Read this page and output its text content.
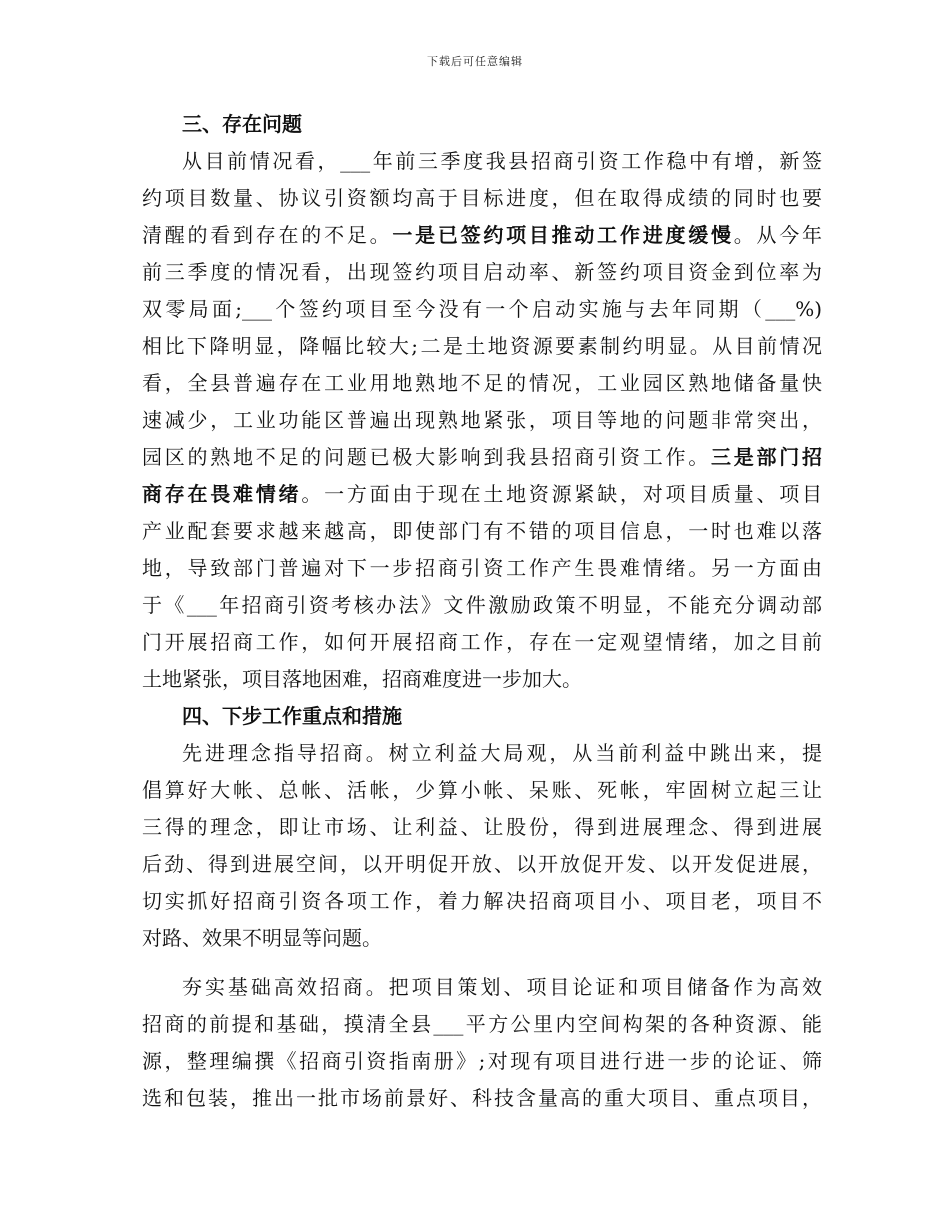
下载后可任意编辑
三、存在问题
从目前情况看，___年前三季度我县招商引资工作稳中有增，新签
约项目数量、协议引资额均高于目标进度，但在取得成绩的同时也要
清醒的看到存在的不足。一是已签约项目推动工作进度缓慢。从今年
前三季度的情况看，出现签约项目启动率、新签约项目资金到位率为
双零局面;___个签约项目至今没有一个启动实施与去年同期（___%)
相比下降明显，降幅比较大;二是土地资源要素制约明显。从目前情况
看，全县普遍存在工业用地熟地不足的情况，工业园区熟地储备量快
速减少，工业功能区普遍出现熟地紧张，项目等地的问题非常突出，
园区的熟地不足的问题已极大影响到我县招商引资工作。三是部门招
商存在畏难情绪。一方面由于现在土地资源紧缺，对项目质量、项目
产业配套要求越来越高，即使部门有不错的项目信息，一时也难以落
地，导致部门普遍对下一步招商引资工作产生畏难情绪。另一方面由
于《___年招商引资考核办法》文件激励政策不明显，不能充分调动部
门开展招商工作，如何开展招商工作，存在一定观望情绪，加之目前
土地紧张，项目落地困难，招商难度进一步加大。
四、下步工作重点和措施
先进理念指导招商。树立利益大局观，从当前利益中跳出来，提
倡算好大帐、总帐、活帐，少算小帐、呆账、死帐，牢固树立起三让
三得的理念，即让市场、让利益、让股份，得到进展理念、得到进展
后劲、得到进展空间，以开明促开放、以开放促开发、以开发促进展，
切实抓好招商引资各项工作，着力解决招商项目小、项目老，项目不
对路、效果不明显等问题。
夯实基础高效招商。把项目策划、项目论证和项目储备作为高效
招商的前提和基础，摸清全县___平方公里内空间构架的各种资源、能
源，整理编撰《招商引资指南册》;对现有项目进行进一步的论证、筛
选和包装，推出一批市场前景好、科技含量高的重大项目、重点项目，
